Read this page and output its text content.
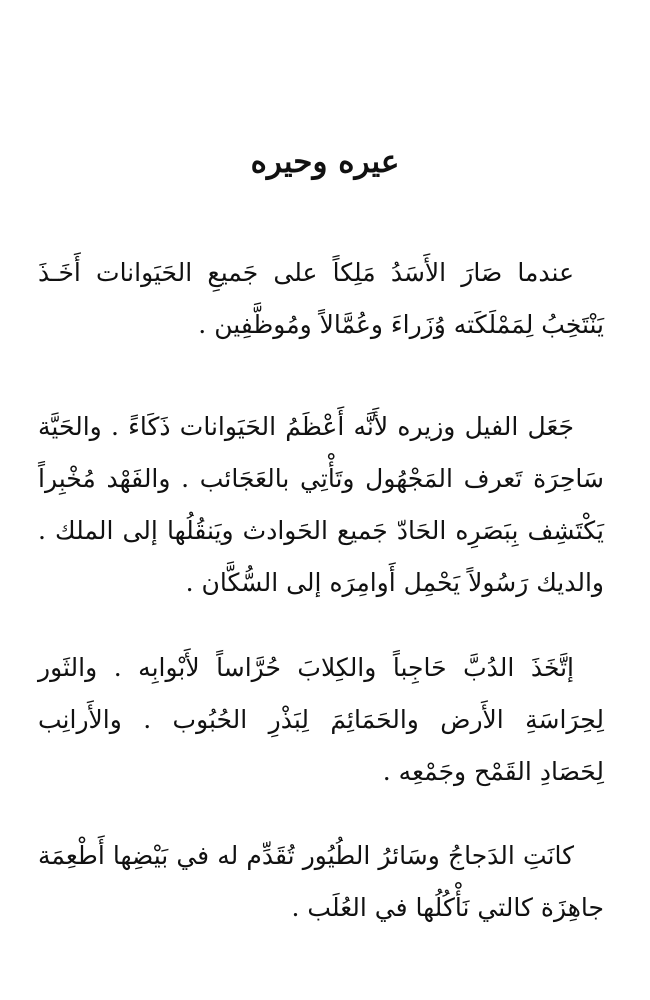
عيره وحيره
عندما صَارَ الأَسَدُ مَلِكاً على جَميعِ الحَيَوانات أَخَـذَ
يَنْتَخِبُ لِمَمْلَكَته وُزَراءَ وعُمَّالاً ومُوظَّفِين .
جَعَل الفيل وزيره لأَنَّه أَعْظَمُ الحَيَوانات ذَكَاءً . والحَيَّة
سَاحِرَة تَعرف المَجْهُول وتَأْتِي بالعَجَائب . والفَهْد مُخْبِراً
يَكْتَشِف بِبَصَرِه الحَادّ جَميع الحَوادث ويَنقُلُها إلى الملك .
والديك رَسُولاً يَحْمِل أَوامِرَه إلى السُّكَّان .
إتَّخَذَ الدُبَّ حَاجِباً والكِلابَ حُرَّاساً لأَبْوابِه . والثَور
لِحِرَاسَةِ الأَرض والحَمَائِمَ لِبَذْرِ الحُبُوب . والأَرانِب
لِحَصَادِ القَمْح وجَمْعِه .
كانَتِ الدَجاجُ وسَائرُ الطُيُور تُقَدِّم له في بَيْضِها أَطْعِمَة
جاهِزَة كالتي نَأْكُلُها في العُلَب .
